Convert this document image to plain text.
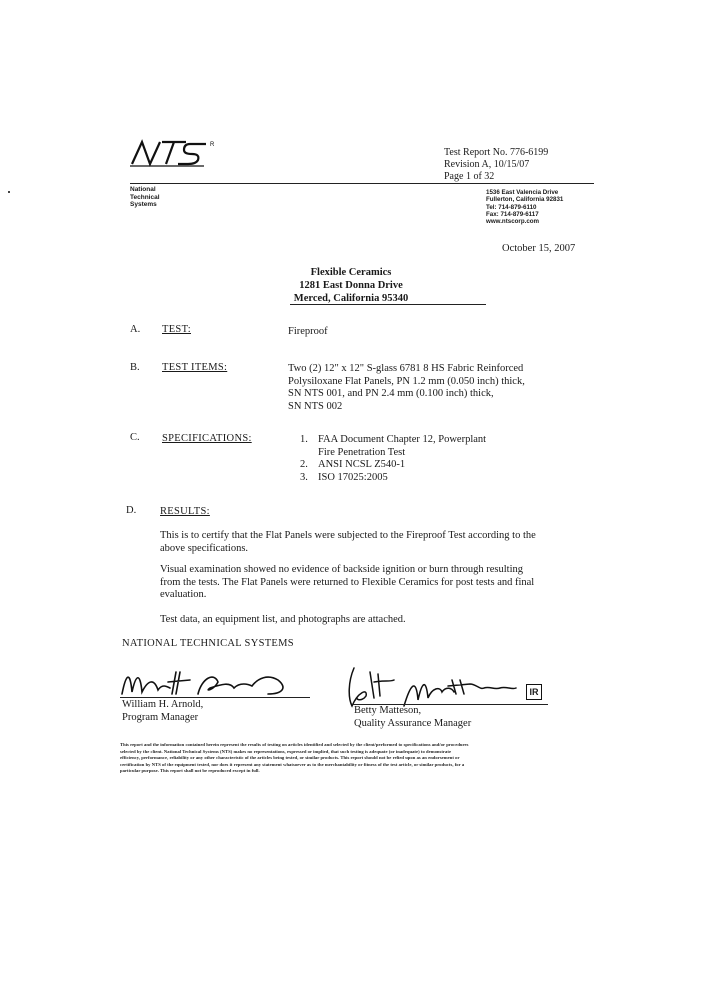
R
National
Technical
Systems
Test Report No. 776-6199
Revision A, 10/15/07
Page 1 of 32
1536 East Valencia Drive
Fullerton, California 92831
Tel: 714-879-6110
Fax: 714-879-6117
www.ntscorp.com
October 15, 2007
Flexible Ceramics
1281 East Donna Drive
Merced, California 95340
A. TEST:	Fireproof
B. TEST ITEMS:	Two (2) 12" x 12" S-glass 6781 8 HS Fabric Reinforced
Polysiloxane Flat Panels, PN 1.2 mm (0.050 inch) thick,
SN NTS 001, and PN 2.4 mm (0.100 inch) thick,
SN NTS 002
C. SPECIFICATIONS:	1. FAA Document Chapter 12, Powerplant
Fire Penetration Test
2. ANSI NCSL Z540-1
3. ISO 17025:2005
D. RESULTS:
This is to certify that the Flat Panels were subjected to the Fireproof Test according to the
above specifications.
Visual examination showed no evidence of backside ignition or burn through resulting
from the tests. The Flat Panels were returned to Flexible Ceramics for post tests and final
evaluation.
Test data, an equipment list, and photographs are attached.
NATIONAL TECHNICAL SYSTEMS
William H. Arnold,
Program Manager
IR
Betty Matteson,
Quality Assurance Manager
This report and the information contained herein represent the results of testing on articles identified and selected by the client/performed to specifications and/or procedures
selected by the client. National Technical Systems (NTS) makes no representations, expressed or implied, that such testing is adequate (or inadequate) to demonstrate
efficiency, performance, reliability or any other characteristic of the articles being tested, or similar products. This report should not be relied upon as an endorsement or
certification by NTS of the equipment tested, nor does it represent any statement whatsoever as to the merchantability or fitness of the test article, or similar products, for a
particular purpose. This report shall not be reproduced except in full.
